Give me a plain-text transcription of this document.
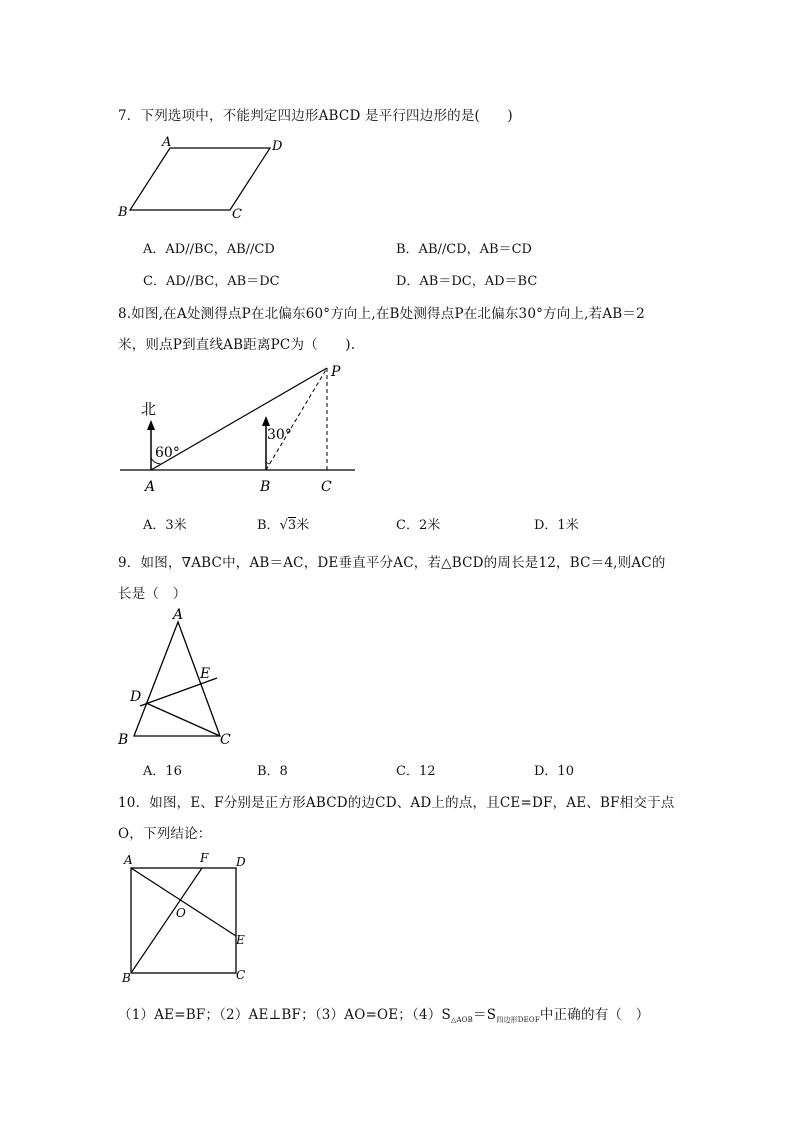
7．下列选项中，不能判定四边形ABCD 是平行四边形的是(　　)
A	D
B	C
A．AD//BC，AB//CD	B．AB//CD，AB＝CD
C．AD//BC，AB＝DC	D．AB＝DC，AD＝BC
8.如图,在A处测得点P在北偏东60°方向上,在B处测得点P在北偏东30°方向上,若AB＝2
米，则点P到直线AB距离PC为（　　).
北
60°
30°
P
A	B	C
A．3米	B．√3米	C．2米	D．1米
9．如图，∇ABC中，AB＝AC，DE垂直平分AC，若△BCD的周长是12，BC＝4,则AC的
长是（　）
A
E
D
B	C
A．16	B．8	C．12	D．10
10．如图，E、F分别是正方形ABCD的边CD、AD上的点，且CE=DF，AE、BF相交于点
O，下列结论：
A	F D
O
E
B	C
（1）AE=BF；（2）AE⊥BF；（3）AO=OE；$(4)S_{\triangle AOB}=S_{四边形DEOF}$中正确的有（　）
